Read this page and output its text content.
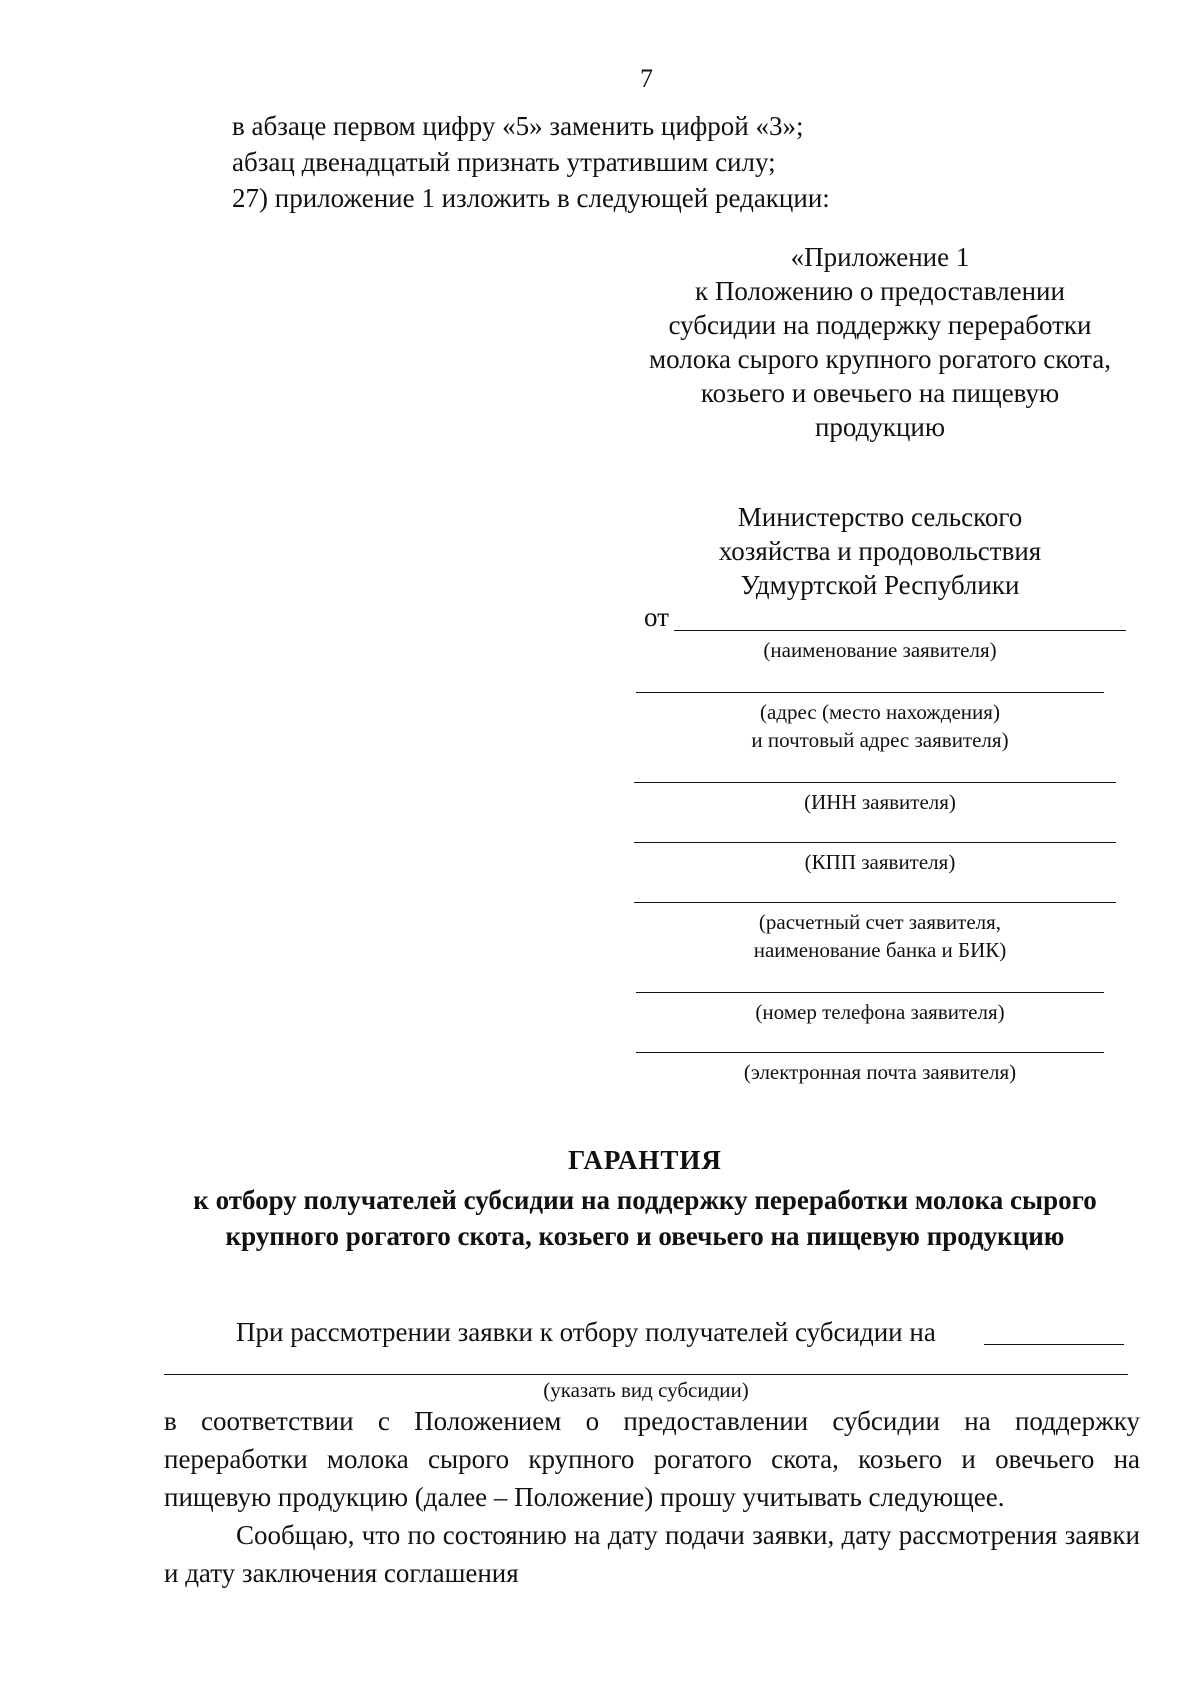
7
в абзаце первом цифру «5» заменить цифрой «3»;
абзац двенадцатый признать утратившим силу;
27) приложение 1 изложить в следующей редакции:
«Приложение 1
к Положению о предоставлении
субсидии на поддержку переработки
молока сырого крупного рогатого скота,
козьего и овечьего на пищевую
продукцию
Министерство сельского
хозяйства и продовольствия
Удмуртской Республики
от
(наименование заявителя)
(адрес (место нахождения)
и почтовый адрес заявителя)
(ИНН заявителя)
(КПП заявителя)
(расчетный счет заявителя,
наименование банка и БИК)
(номер телефона заявителя)
(электронная почта заявителя)
ГАРАНТИЯ
к отбору получателей субсидии на поддержку переработки молока сырого
крупного рогатого скота, козьего и овечьего на пищевую продукцию
При рассмотрении заявки к отбору получателей субсидии на
(указать вид субсидии)

в соответствии с Положением о предоставлении субсидии на поддержку переработки молока сырого крупного рогатого скота, козьего и овечьего на пищевую продукцию (далее – Положение) прошу учитывать следующее.

Сообщаю, что по состоянию на дату подачи заявки, дату рассмотрения заявки и дату заключения соглашения
